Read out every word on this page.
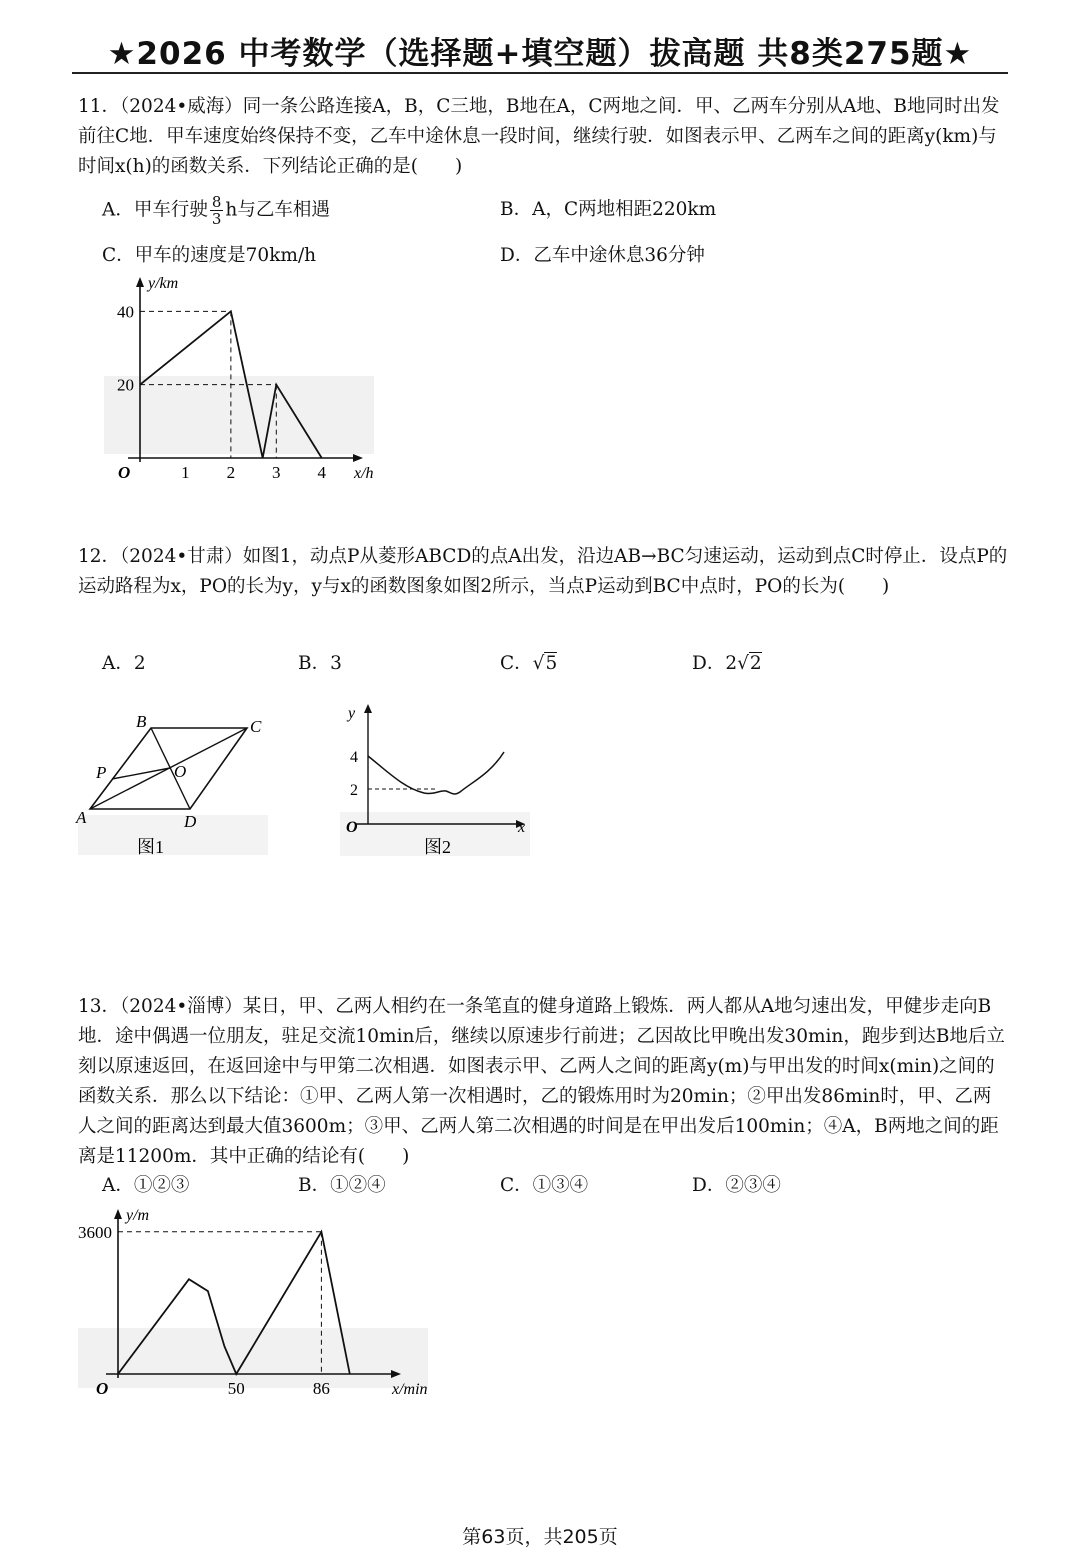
★2026 中考数学（选择题+填空题）拔高题 共8类275题★
11．（2024•威海）同一条公路连接A，B，C三地，B地在A，C两地之间．甲、乙两车分别从A地、B地同时出发前往C地．甲车速度始终保持不变，乙车中途休息一段时间，继续行驶．如图表示甲、乙两车之间的距离y(km)与时间x(h)的函数关系．下列结论正确的是(　　)
A．甲车行驶 $\frac{8}{3}$ h与乙车相遇	B．A，C两地相距220km
C．甲车的速度是70km/h	D．乙车中途休息36分钟
O	x/h
y/km
1 2 3 4
20
40
12．（2024•甘肃）如图1，动点P从菱形ABCD的点A出发，沿边AB→BC匀速运动，运动到点C时停止．设点P的运动路程为x，PO的长为y，y与x的函数图象如图2所示，当点P运动到BC中点时，PO的长为(　　)
A．2	B．3	C．√5	D．2√2
A
B	C
D
P	O
图1
4
2
y
x
O
图2
13．（2024•淄博）某日，甲、乙两人相约在一条笔直的健身道路上锻炼．两人都从A地匀速出发，甲健步走向B地．途中偶遇一位朋友，驻足交流10min后，继续以原速步行前进；乙因故比甲晚出发30min，跑步到达B地后立刻以原速返回，在返回途中与甲第二次相遇．如图表示甲、乙两人之间的距离y(m)与甲出发的时间x(min)之间的函数关系．那么以下结论：①甲、乙两人第一次相遇时，乙的锻炼用时为20min；②甲出发86min时，甲、乙两人之间的距离达到最大值3600m；③甲、乙两人第二次相遇的时间是在甲出发后100min；④A，B两地之间的距离是11200m．其中正确的结论有(　　)
A．①②③	B．①②④	C．①③④	D．②③④
O	x/min
y/m
50	86
3600
第63页，共205页
